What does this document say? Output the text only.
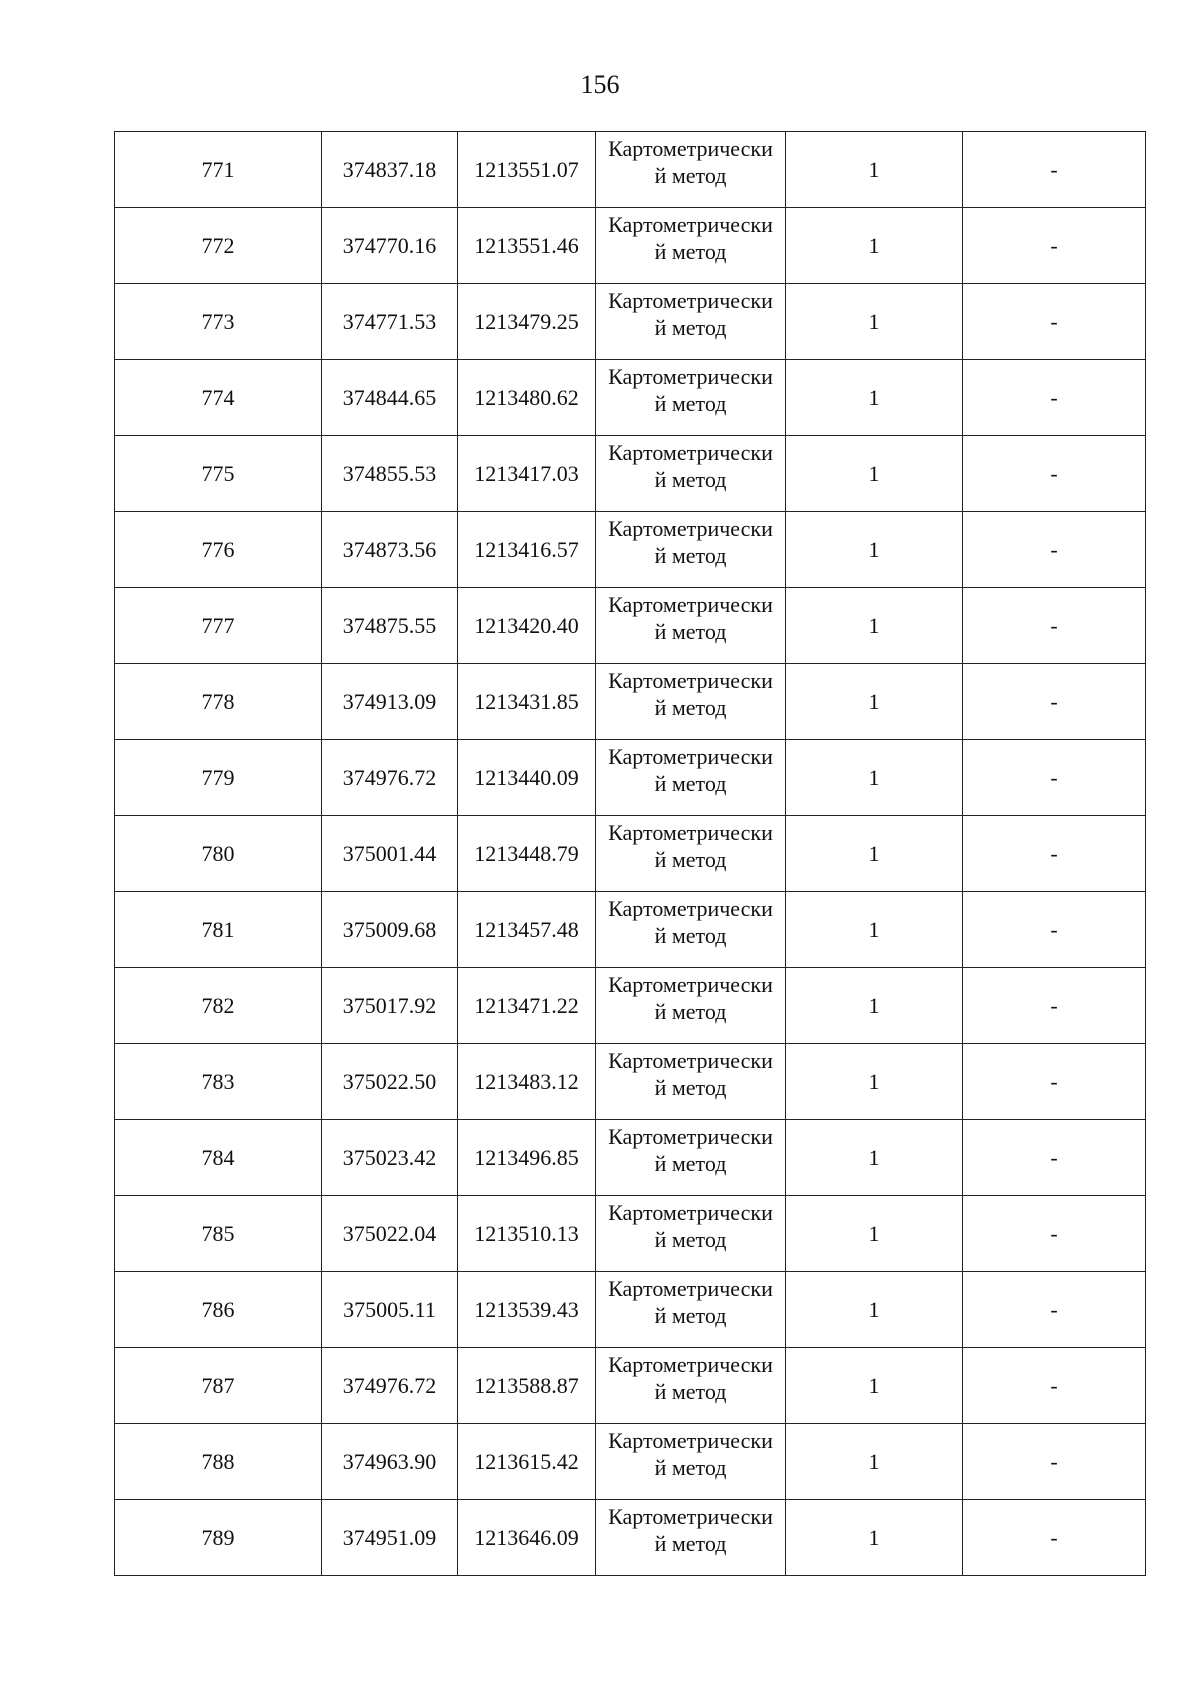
156
771	374837.18	1213551.07	Картометрически
й метод	1	-
772	374770.16	1213551.46	Картометрически
й метод	1	-
773	374771.53	1213479.25	Картометрически
й метод	1	-
774	374844.65	1213480.62	Картометрически
й метод	1	-
775	374855.53	1213417.03	Картометрически
й метод	1	-
776	374873.56	1213416.57	Картометрически
й метод	1	-
777	374875.55	1213420.40	Картометрически
й метод	1	-
778	374913.09	1213431.85	Картометрически
й метод	1	-
779	374976.72	1213440.09	Картометрически
й метод	1	-
780	375001.44	1213448.79	Картометрически
й метод	1	-
781	375009.68	1213457.48	Картометрически
й метод	1	-
782	375017.92	1213471.22	Картометрически
й метод	1	-
783	375022.50	1213483.12	Картометрически
й метод	1	-
784	375023.42	1213496.85	Картометрически
й метод	1	-
785	375022.04	1213510.13	Картометрически
й метод	1	-
786	375005.11	1213539.43	Картометрически
й метод	1	-
787	374976.72	1213588.87	Картометрически
й метод	1	-
788	374963.90	1213615.42	Картометрически
й метод	1	-
789	374951.09	1213646.09	Картометрически
й метод	1	-
